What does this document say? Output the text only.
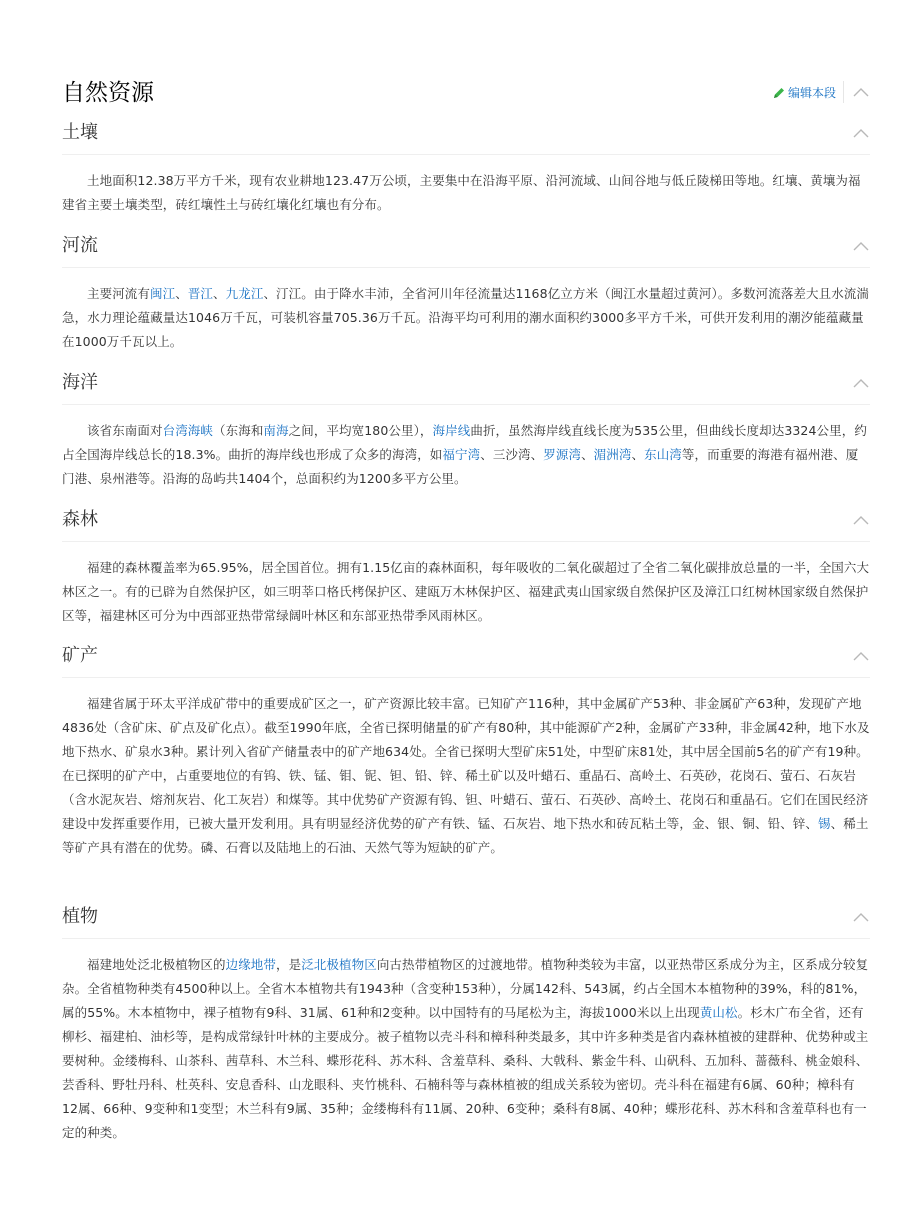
自然资源	编辑本段
土壤

土地面积12.38万平方千米，现有农业耕地123.47万公顷，主要集中在沿海平原、沿河流域、山间谷地与低丘陵梯田等地。红壤、黄壤为福建省主要土壤类型，砖红壤性土与砖红壤化红壤也有分布。

河流

主要河流有闽江、晋江、九龙江、汀江。由于降水丰沛，全省河川年径流量达1168亿立方米（闽江水量超过黄河）。多数河流落差大且水流湍急，水力理论蕴藏量达1046万千瓦，可装机容量705.36万千瓦。沿海平均可利用的潮水面积约3000多平方千米，可供开发利用的潮汐能蕴藏量在1000万千瓦以上。

海洋

该省东南面对台湾海峡（东海和南海之间，平均宽180公里），海岸线曲折，虽然海岸线直线长度为535公里，但曲线长度却达3324公里，约占全国海岸线总长的18.3%。曲折的海岸线也形成了众多的海湾，如福宁湾、三沙湾、罗源湾、湄洲湾、东山湾等，而重要的海港有福州港、厦门港、泉州港等。沿海的岛屿共1404个，总面积约为1200多平方公里。

森林

福建的森林覆盖率为65.95%，居全国首位。拥有1.15亿亩的森林面积，每年吸收的二氧化碳超过了全省二氧化碳排放总量的一半，全国六大林区之一。有的已辟为自然保护区，如三明莘口格氏栲保护区、建瓯万木林保护区、福建武夷山国家级自然保护区及漳江口红树林国家级自然保护区等，福建林区可分为中西部亚热带常绿阔叶林区和东部亚热带季风雨林区。

矿产

福建省属于环太平洋成矿带中的重要成矿区之一，矿产资源比较丰富。已知矿产116种，其中金属矿产53种、非金属矿产63种，发现矿产地4836处（含矿床、矿点及矿化点）。截至1990年底，全省已探明储量的矿产有80种，其中能源矿产2种，金属矿产33种，非金属42种，地下水及地下热水、矿泉水3种。累计列入省矿产储量表中的矿产地634处。全省已探明大型矿床51处，中型矿床81处，其中居全国前5名的矿产有19种。在已探明的矿产中，占重要地位的有钨、铁、锰、钼、铌、钽、铅、锌、稀土矿以及叶蜡石、重晶石、高岭土、石英砂，花岗石、萤石、石灰岩（含水泥灰岩、熔剂灰岩、化工灰岩）和煤等。其中优势矿产资源有钨、钽、叶蜡石、萤石、石英砂、高岭土、花岗石和重晶石。它们在国民经济建设中发挥重要作用，已被大量开发利用。具有明显经济优势的矿产有铁、锰、石灰岩、地下热水和砖瓦粘土等，金、银、铜、铅、锌、锡、稀土等矿产具有潜在的优势。磷、石膏以及陆地上的石油、天然气等为短缺的矿产。

植物

福建地处泛北极植物区的边缘地带，是泛北极植物区向古热带植物区的过渡地带。植物种类较为丰富，以亚热带区系成分为主，区系成分较复杂。全省植物种类有4500种以上。全省木本植物共有1943种（含变种153种），分属142科、543属，约占全国木本植物种的39%，科的81%，属的55%。木本植物中，裸子植物有9科、31属、61种和2变种。以中国特有的马尾松为主，海拔1000米以上出现黄山松。杉木广布全省，还有柳杉、福建柏、油杉等，是构成常绿针叶林的主要成分。被子植物以壳斗科和樟科种类最多，其中许多种类是省内森林植被的建群种、优势种或主要树种。金缕梅科、山茶科、茜草科、木兰科、蝶形花科、苏木科、含羞草科、桑科、大戟科、紫金牛科、山矾科、五加科、蔷薇科、桃金娘科、芸香科、野牡丹科、杜英科、安息香科、山龙眼科、夹竹桃科、石楠科等与森林植被的组成关系较为密切。壳斗科在福建有6属、60种；樟科有12属、66种、9变种和1变型；木兰科有9属、35种；金缕梅科有11属、20种、6变种；桑科有8属、40种；蝶形花科、苏木科和含羞草科也有一定的种类。
